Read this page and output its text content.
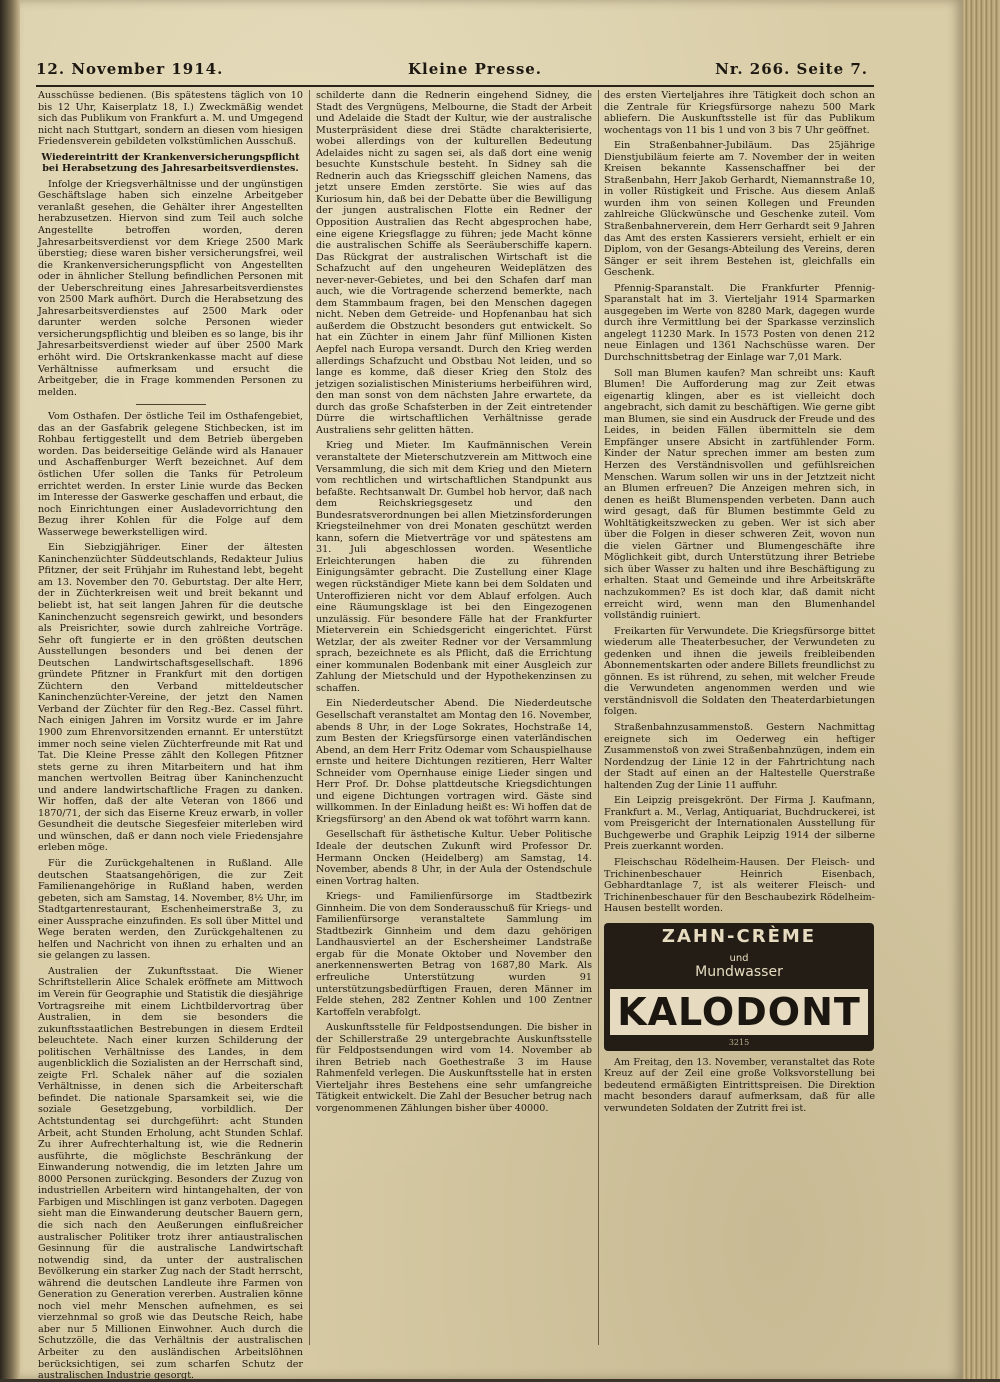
12. November 1914.	Kleine Presse.	Nr. 266. Seite 7.

Ausschüsse bedienen. (Bis spätestens täglich von 10 bis 12 Uhr, Kaiserplatz 18, I.) Zweckmäßig wendet sich das Publikum von Frankfurt a. M. und Umgegend nicht nach Stuttgart, sondern an diesen vom hiesigen Friedensverein gebildeten volkstümlichen Ausschuß.

Wiedereintritt der Krankenversicherungspflicht bei Herabsetzung des Jahresarbeitsverdienstes.

Infolge der Kriegsverhältnisse und der ungünstigen Geschäftslage haben sich einzelne Arbeitgeber veranlaßt gesehen, die Gehälter ihrer Angestellten herabzusetzen. Hiervon sind zum Teil auch solche Angestellte betroffen worden, deren Jahresarbeitsverdienst vor dem Kriege 2500 Mark überstieg; diese waren bisher versicherungsfrei, weil die Krankenversicherungspflicht von Angestellten oder in ähnlicher Stellung befindlichen Personen mit der Ueberschreitung eines Jahresarbeitsverdienstes von 2500 Mark aufhört. Durch die Herabsetzung des Jahresarbeitsverdienstes auf 2500 Mark oder darunter werden solche Personen wieder versicherungspflichtig und bleiben es so lange, bis ihr Jahresarbeitsverdienst wieder auf über 2500 Mark erhöht wird. Die Ortskrankenkasse macht auf diese Verhältnisse aufmerksam und ersucht die Arbeitgeber, die in Frage kommenden Personen zu melden.

Vom Osthafen. Der östliche Teil im Osthafengebiet, das an der Gasfabrik gelegene Stichbecken, ist im Rohbau fertiggestellt und dem Betrieb übergeben worden. Das beiderseitige Gelände wird als Hanauer und Aschaffenburger Werft bezeichnet. Auf dem östlichen Ufer sollen die Tanks für Petroleum errichtet werden. In erster Linie wurde das Becken im Interesse der Gaswerke geschaffen und erbaut, die noch Einrichtungen einer Ausladevorrichtung den Bezug ihrer Kohlen für die Folge auf dem Wasserwege bewerkstelligen wird.

Ein Siebzigjähriger. Einer der ältesten Kaninchenzüchter Süddeutschlands, Redakteur Julius Pfitzner, der seit Frühjahr im Ruhestand lebt, begeht am 13. November den 70. Geburtstag. Der alte Herr, der in Züchterkreisen weit und breit bekannt und beliebt ist, hat seit langen Jahren für die deutsche Kaninchenzucht segensreich gewirkt, und besonders als Preisrichter, sowie durch zahlreiche Vorträge. Sehr oft fungierte er in den größten deutschen Ausstellungen besonders und bei denen der Deutschen Landwirtschaftsgesellschaft. 1896 gründete Pfitzner in Frankfurt mit den dortigen Züchtern den Verband mitteldeutscher Kaninchenzüchter-Vereine, der jetzt den Namen Verband der Züchter für den Reg.-Bez. Cassel führt. Nach einigen Jahren im Vorsitz wurde er im Jahre 1900 zum Ehrenvorsitzenden ernannt. Er unterstützt immer noch seine vielen Züchterfreunde mit Rat und Tat. Die Kleine Presse zählt den Kollegen Pfitzner stets gerne zu ihren Mitarbeitern und hat ihm manchen wertvollen Beitrag über Kaninchenzucht und andere landwirtschaftliche Fragen zu danken. Wir hoffen, daß der alte Veteran von 1866 und 1870/71, der sich das Eiserne Kreuz erwarb, in voller Gesundheit die deutsche Siegesfeier miterleben wird und wünschen, daß er dann noch viele Friedensjahre erleben möge.

Für die Zurückgehaltenen in Rußland. Alle deutschen Staatsangehörigen, die zur Zeit Familienangehörige in Rußland haben, werden gebeten, sich am Samstag, 14. November, 8½ Uhr, im Stadtgartenrestaurant, Eschenheimerstraße 3, zu einer Aussprache einzufinden. Es soll über Mittel und Wege beraten werden, den Zurückgehaltenen zu helfen und Nachricht von ihnen zu erhalten und an sie gelangen zu lassen.

Australien der Zukunftsstaat. Die Wiener Schriftstellerin Alice Schalek eröffnete am Mittwoch im Verein für Geographie und Statistik die diesjährige Vortragsreihe mit einem Lichtbildervortrag über Australien, in dem sie besonders die zukunftsstaatlichen Bestrebungen in diesem Erdteil beleuchtete. Nach einer kurzen Schilderung der politischen Verhältnisse des Landes, in dem augenblicklich die Sozialisten an der Herrschaft sind, zeigte Frl. Schalek näher auf die sozialen Verhältnisse, in denen sich die Arbeiterschaft befindet. Die nationale Sparsamkeit sei, wie die soziale Gesetzgebung, vorbildlich. Der Achtstundentag sei durchgeführt: acht Stunden Arbeit, acht Stunden Erholung, acht Stunden Schlaf. Zu ihrer Aufrechterhaltung ist, wie die Rednerin ausführte, die möglichste Beschränkung der Einwanderung notwendig, die im letzten Jahre um 8000 Personen zurückging. Besonders der Zuzug von industriellen Arbeitern wird hintangehalten, der von Farbigen und Mischlingen ist ganz verboten. Dagegen sieht man die Einwanderung deutscher Bauern gern, die sich nach den Aeußerungen einflußreicher australischer Politiker trotz ihrer antiaustralischen Gesinnung für die australische Landwirtschaft notwendig sind, da unter der australischen Bevölkerung ein starker Zug nach der Stadt herrscht, während die deutschen Landleute ihre Farmen von Generation zu Generation vererben. Australien könne noch viel mehr Menschen aufnehmen, es sei vierzehnmal so groß wie das Deutsche Reich, habe aber nur 5 Millionen Einwohner. Auch durch die Schutzzölle, die das Verhältnis der australischen Arbeiter zu den ausländischen Arbeitslöhnen berücksichtigen, sei zum scharfen Schutz der australischen Industrie gesorgt.

schilderte dann die Rednerin eingehend Sidney, die Stadt des Vergnügens, Melbourne, die Stadt der Arbeit und Adelaide die Stadt der Kultur, wie der australische Musterpräsident diese drei Städte charakterisierte, wobei allerdings von der kulturellen Bedeutung Adelaides nicht zu sagen sei, als daß dort eine wenig besuchte Kunstschule besteht. In Sidney sah die Rednerin auch das Kriegsschiff gleichen Namens, das jetzt unsere Emden zerstörte. Sie wies auf das Kuriosum hin, daß bei der Debatte über die Bewilligung der jungen australischen Flotte ein Redner der Opposition Australien das Recht abgesprochen habe, eine eigene Kriegsflagge zu führen; jede Macht könne die australischen Schiffe als Seeräuberschiffe kapern. Das Rückgrat der australischen Wirtschaft ist die Schafzucht auf den ungeheuren Weideplätzen des never-never-Gebietes, und bei den Schafen darf man auch, wie die Vortragende scherzend bemerkte, nach dem Stammbaum fragen, bei den Menschen dagegen nicht. Neben dem Getreide- und Hopfenanbau hat sich außerdem die Obstzucht besonders gut entwickelt. So hat ein Züchter in einem Jahr fünf Millionen Kisten Aepfel nach Europa versandt. Durch den Krieg werden allerdings Schafzucht und Obstbau Not leiden, und so lange es komme, daß dieser Krieg den Stolz des jetzigen sozialistischen Ministeriums herbeiführen wird, den man sonst von dem nächsten Jahre erwartete, da durch das große Schafsterben in der Zeit eintretender Dürre die wirtschaftlichen Verhältnisse gerade Australiens sehr gelitten hätten.

Krieg und Mieter. Im Kaufmännischen Verein veranstaltete der Mieterschutzverein am Mittwoch eine Versammlung, die sich mit dem Krieg und den Mietern vom rechtlichen und wirtschaftlichen Standpunkt aus befaßte. Rechtsanwalt Dr. Gumbel hob hervor, daß nach dem Reichskriegsgesetz und den Bundesratsverordnungen bei allen Mietzinsforderungen Kriegsteilnehmer von drei Monaten geschützt werden kann, sofern die Mietverträge vor und spätestens am 31. Juli abgeschlossen worden. Wesentliche Erleichterungen haben die zu führenden Einigungsämter gebracht. Die Zustellung einer Klage wegen rückständiger Miete kann bei dem Soldaten und Unteroffizieren nicht vor dem Ablauf erfolgen. Auch eine Räumungsklage ist bei den Eingezogenen unzulässig. Für besondere Fälle hat der Frankfurter Mieterverein ein Schiedsgericht eingerichtet. Fürst Wetzlar, der als zweiter Redner vor der Versammlung sprach, bezeichnete es als Pflicht, daß die Errichtung einer kommunalen Bodenbank mit einer Ausgleich zur Zahlung der Mietschuld und der Hypothekenzinsen zu schaffen.

Ein Niederdeutscher Abend. Die Niederdeutsche Gesellschaft veranstaltet am Montag den 16. November, abends 8 Uhr, in der Loge Sokrates, Hochstraße 14, zum Besten der Kriegsfürsorge einen vaterländischen Abend, an dem Herr Fritz Odemar vom Schauspielhause ernste und heitere Dichtungen rezitieren, Herr Walter Schneider vom Opernhause einige Lieder singen und Herr Prof. Dr. Dohse plattdeutsche Kriegsdichtungen und eigene Dichtungen vortragen wird. Gäste sind willkommen. In der Einladung heißt es: Wi hoffen dat de Kriegsfürsorg' an den Abend ok wat toföhrt warrn kann.

Gesellschaft für ästhetische Kultur. Ueber Politische Ideale der deutschen Zukunft wird Professor Dr. Hermann Oncken (Heidelberg) am Samstag, 14. November, abends 8 Uhr, in der Aula der Ostendschule einen Vortrag halten.

Kriegs- und Familienfürsorge im Stadtbezirk Ginnheim. Die von dem Sonderausschuß für Kriegs- und Familienfürsorge veranstaltete Sammlung im Stadtbezirk Ginnheim und dem dazu gehörigen Landhausviertel an der Eschersheimer Landstraße ergab für die Monate Oktober und November den anerkennenswerten Betrag von 1687,80 Mark. Als erfreuliche Unterstützung wurden 91 unterstützungsbedürftigen Frauen, deren Männer im Felde stehen, 282 Zentner Kohlen und 100 Zentner Kartoffeln verabfolgt.

Auskunftsstelle für Feldpostsendungen. Die bisher in der Schillerstraße 29 untergebrachte Auskunftsstelle für Feldpostsendungen wird vom 14. November ab ihren Betrieb nach Goethestraße 3 im Hause Rahmenfeld verlegen. Die Auskunftsstelle hat in ersten Vierteljahr ihres Bestehens eine sehr umfangreiche Tätigkeit entwickelt. Die Zahl der Besucher betrug nach vorgenommenen Zählungen bisher über 40000.

des ersten Vierteljahres ihre Tätigkeit doch schon an die Zentrale für Kriegsfürsorge nahezu 500 Mark abliefern. Die Auskunftsstelle ist für das Publikum wochentags von 11 bis 1 und von 3 bis 7 Uhr geöffnet.

Ein Straßenbahner-Jubiläum. Das 25jährige Dienstjubiläum feierte am 7. November der in weiten Kreisen bekannte Kassenschaffner bei der Straßenbahn, Herr Jakob Gerhardt, Niemannstraße 10, in voller Rüstigkeit und Frische. Aus diesem Anlaß wurden ihm von seinen Kollegen und Freunden zahlreiche Glückwünsche und Geschenke zuteil. Vom Straßenbahnerverein, dem Herr Gerhardt seit 9 Jahren das Amt des ersten Kassierers versieht, erhielt er ein Diplom, von der Gesangs-Abteilung des Vereins, deren Sänger er seit ihrem Bestehen ist, gleichfalls ein Geschenk.

Pfennig-Sparanstalt. Die Frankfurter Pfennig-Sparanstalt hat im 3. Vierteljahr 1914 Sparmarken ausgegeben im Werte von 8280 Mark, dagegen wurde durch ihre Vermittlung bei der Sparkasse verzinslich angelegt 11230 Mark. In 1573 Posten von denen 212 neue Einlagen und 1361 Nachschüsse waren. Der Durchschnittsbetrag der Einlage war 7,01 Mark.

Soll man Blumen kaufen? Man schreibt uns: Kauft Blumen! Die Aufforderung mag zur Zeit etwas eigenartig klingen, aber es ist vielleicht doch angebracht, sich damit zu beschäftigen. Wie gerne gibt man Blumen, sie sind ein Ausdruck der Freude und des Leides, in beiden Fällen übermitteln sie dem Empfänger unsere Absicht in zartfühlender Form. Kinder der Natur sprechen immer am besten zum Herzen des Verständnisvollen und gefühlsreichen Menschen. Warum sollen wir uns in der Jetztzeit nicht an Blumen erfreuen? Die Anzeigen mehren sich, in denen es heißt Blumenspenden verbeten. Dann auch wird gesagt, daß für Blumen bestimmte Geld zu Wohltätigkeitszwecken zu geben. Wer ist sich aber über die Folgen in dieser schweren Zeit, wovon nun die vielen Gärtner und Blumengeschäfte ihre Möglichkeit gibt, durch Unterstützung ihrer Betriebe sich über Wasser zu halten und ihre Beschäftigung zu erhalten. Staat und Gemeinde und ihre Arbeitskräfte nachzukommen? Es ist doch klar, daß damit nicht erreicht wird, wenn man den Blumenhandel vollständig ruiniert.

Freikarten für Verwundete. Die Kriegsfürsorge bittet wiederum alle Theaterbesucher, der Verwundeten zu gedenken und ihnen die jeweils freibleibenden Abonnementskarten oder andere Billets freundlichst zu gönnen. Es ist rührend, zu sehen, mit welcher Freude die Verwundeten angenommen werden und wie verständnisvoll die Soldaten den Theaterdarbietungen folgen.

Straßenbahnzusammenstoß. Gestern Nachmittag ereignete sich im Oederweg ein heftiger Zusammenstoß von zwei Straßenbahnzügen, indem ein Nordendzug der Linie 12 in der Fahrtrichtung nach der Stadt auf einen an der Haltestelle Querstraße haltenden Zug der Linie 11 auffuhr.

Ein Leipzig preisgekrönt. Der Firma J. Kaufmann, Frankfurt a. M., Verlag, Antiquariat, Buchdruckerei, ist vom Preisgericht der Internationalen Ausstellung für Buchgewerbe und Graphik Leipzig 1914 der silberne Preis zuerkannt worden.

Fleischschau Rödelheim-Hausen. Der Fleisch- und Trichinenbeschauer Heinrich Eisenbach, Gebhardtanlage 7, ist als weiterer Fleisch- und Trichinenbeschauer für den Beschaubezirk Rödelheim-Hausen bestellt worden.

ZAHN-CRÈME
und
Mundwasser
KALODONT
3215

Am Freitag, den 13. November, veranstaltet das Rote Kreuz auf der Zeil eine große Volksvorstellung bei bedeutend ermäßigten Eintrittspreisen. Die Direktion macht besonders darauf aufmerksam, daß für alle verwundeten Soldaten der Zutritt frei ist.
